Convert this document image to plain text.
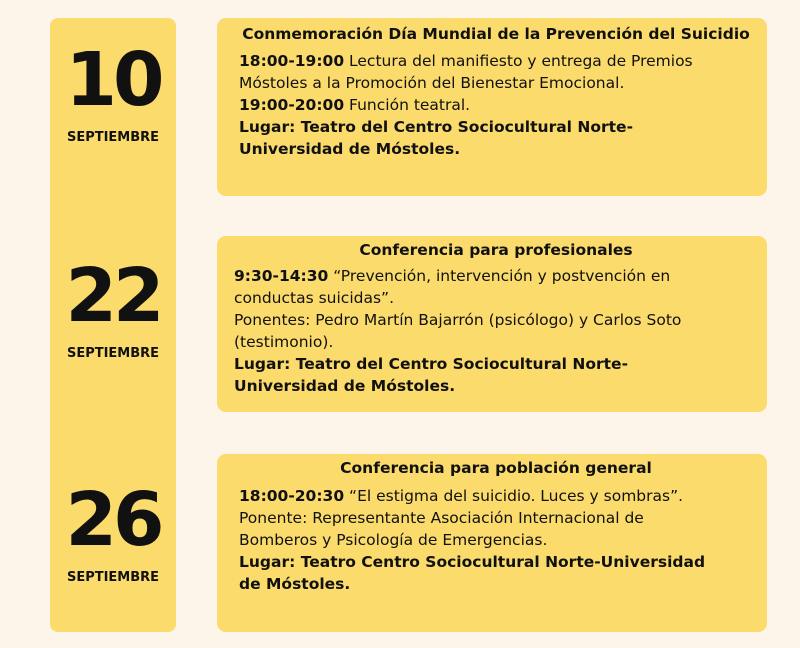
10
SEPTIEMBRE
22
SEPTIEMBRE
26
SEPTIEMBRE
Conmemoración Día Mundial de la Prevención del Suicidio
18:00-19:00 Lectura del manifiesto y entrega de Premios
Móstoles a la Promoción del Bienestar Emocional.
19:00-20:00 Función teatral.
Lugar: Teatro del Centro Sociocultural Norte-
Universidad de Móstoles.
Conferencia para profesionales
9:30-14:30 “Prevención, intervención y postvención en
conductas suicidas”.
Ponentes: Pedro Martín Bajarrón (psicólogo) y Carlos Soto
(testimonio).
Lugar: Teatro del Centro Sociocultural Norte-
Universidad de Móstoles.
Conferencia para población general
18:00-20:30 “El estigma del suicidio. Luces y sombras”.
Ponente: Representante Asociación Internacional de
Bomberos y Psicología de Emergencias.
Lugar: Teatro Centro Sociocultural Norte-Universidad
de Móstoles.
